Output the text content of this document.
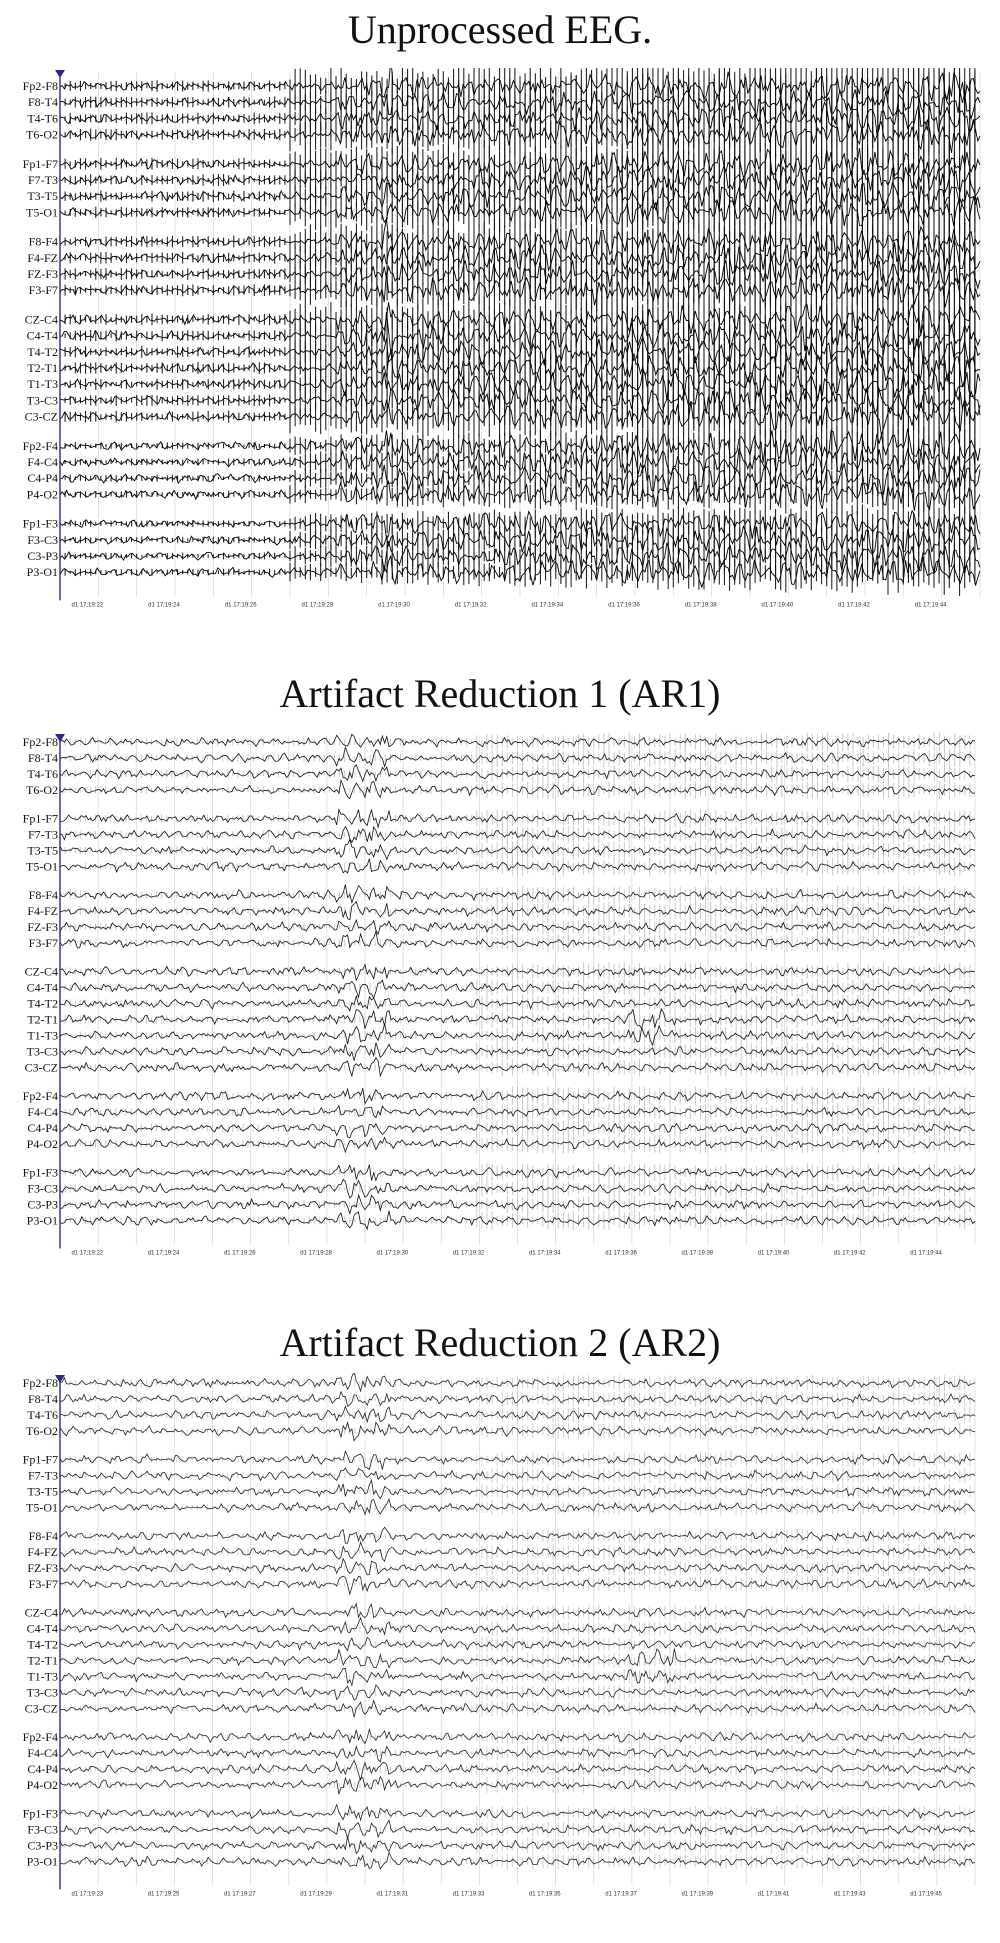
Unprocessed EEG.
Fp2-F8
F8-T4
T4-T6
T6-O2
Fp1-F7
F7-T3
T3-T5
T5-O1
F8-F4
F4-FZ
FZ-F3
F3-F7
CZ-C4
C4-T4
T4-T2
T2-T1
T1-T3
T3-C3
C3-CZ
Fp2-F4
F4-C4
C4-P4
P4-O2
Fp1-F3
F3-C3
C3-P3
P3-O1
d1 17:19:22	d1 17:19:24	d1 17:19:26	d1 17:19:28	d1 17:19:30	d1 17:19:32	d1 17:19:34	d1 17:19:36	d1 17:19:38	d1 17:19:40	d1 17:19:42	d1 17:19:44
Artifact Reduction 1 (AR1)
Fp2-F8
F8-T4
T4-T6
T6-O2
Fp1-F7
F7-T3
T3-T5
T5-O1
F8-F4
F4-FZ
FZ-F3
F3-F7
CZ-C4
C4-T4
T4-T2
T2-T1
T1-T3
T3-C3
C3-CZ
Fp2-F4
F4-C4
C4-P4
P4-O2
Fp1-F3
F3-C3
C3-P3
P3-O1
d1 17:19:22	d1 17:19:24	d1 17:19:26	d1 17:19:28	d1 17:19:30	d1 17:19:32	d1 17:19:34	d1 17:19:36	d1 17:19:38	d1 17:19:40	d1 17:19:42	d1 17:19:44
Artifact Reduction 2 (AR2)
Fp2-F8
F8-T4
T4-T6
T6-O2
Fp1-F7
F7-T3
T3-T5
T5-O1
F8-F4
F4-FZ
FZ-F3
F3-F7
CZ-C4
C4-T4
T4-T2
T2-T1
T1-T3
T3-C3
C3-CZ
Fp2-F4
F4-C4
C4-P4
P4-O2
Fp1-F3
F3-C3
C3-P3
P3-O1
d1 17:19:23	d1 17:19:25	d1 17:19:27	d1 17:19:29	d1 17:19:31	d1 17:19:33	d1 17:19:35	d1 17:19:37	d1 17:19:39	d1 17:19:41	d1 17:19:43	d1 17:19:45
